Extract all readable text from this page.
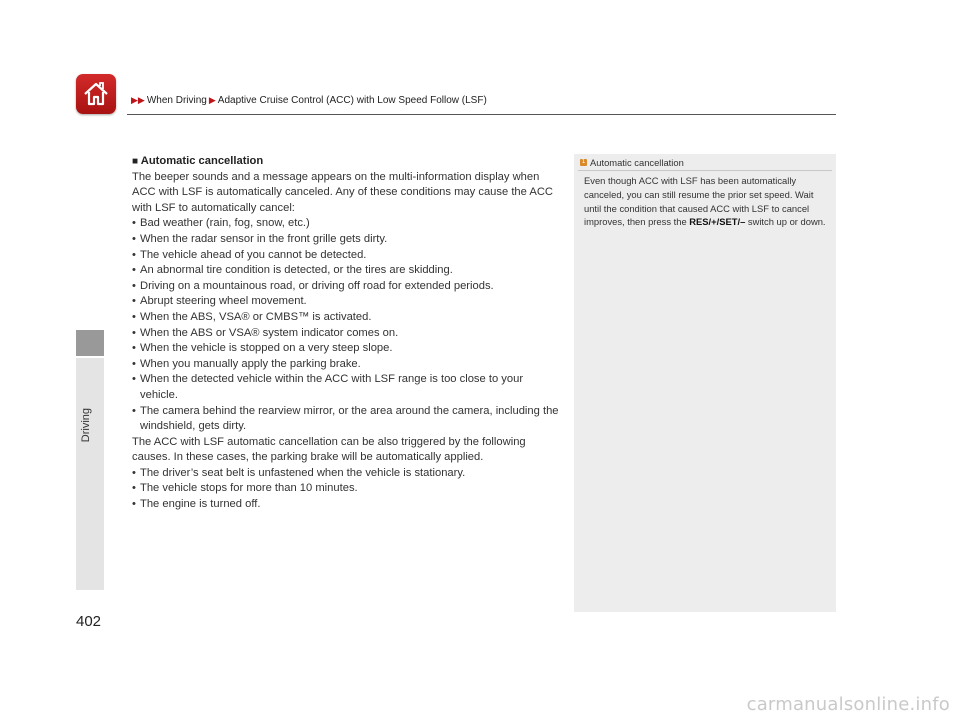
Driving
▶▶ When Driving ▶ Adaptive Cruise Control (ACC) with Low Speed Follow (LSF)
■ Automatic cancellation

The beeper sounds and a message appears on the multi-information display when ACC with LSF is automatically canceled. Any of these conditions may cause the ACC with LSF to automatically cancel:

• Bad weather (rain, fog, snow, etc.)
• When the radar sensor in the front grille gets dirty.
• The vehicle ahead of you cannot be detected.
• An abnormal tire condition is detected, or the tires are skidding.
• Driving on a mountainous road, or driving off road for extended periods.
• Abrupt steering wheel movement.
• When the ABS, VSA® or CMBS™ is activated.
• When the ABS or VSA® system indicator comes on.
• When the vehicle is stopped on a very steep slope.
• When you manually apply the parking brake.
• When the detected vehicle within the ACC with LSF range is too close to your vehicle.
• The camera behind the rearview mirror, or the area around the camera, including the windshield, gets dirty.

The ACC with LSF automatic cancellation can be also triggered by the following causes. In these cases, the parking brake will be automatically applied.

• The driver’s seat belt is unfastened when the vehicle is stationary.
• The vehicle stops for more than 10 minutes.
• The engine is turned off.
1 Automatic cancellation
Even though ACC with LSF has been automatically canceled, you can still resume the prior set speed. Wait until the condition that caused ACC with LSF to cancel improves, then press the RES/+/SET/– switch up or down.
402
carmanualsonline.info
